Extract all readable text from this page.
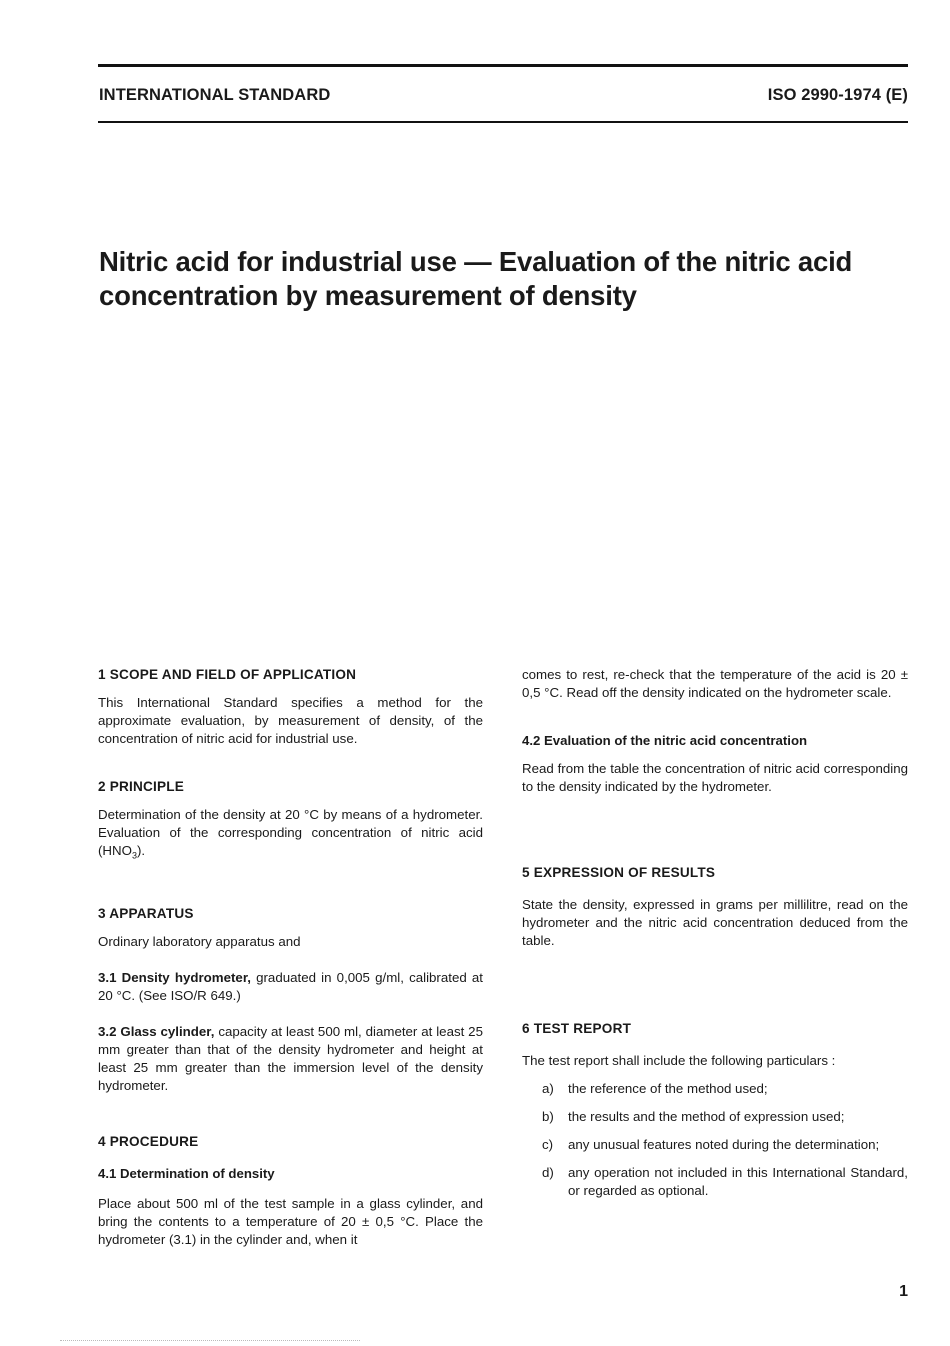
INTERNATIONAL STANDARD	ISO 2990-1974 (E)
Nitric acid for industrial use — Evaluation of the nitric acid
concentration by measurement of density
1 SCOPE AND FIELD OF APPLICATION

This International Standard specifies a method for the approximate evaluation, by measurement of density, of the concentration of nitric acid for industrial use.

2 PRINCIPLE

Determination of the density at 20 °C by means of a hydrometer. Evaluation of the corresponding concentration of nitric acid $(HNO_3)$.

3 APPARATUS

Ordinary laboratory apparatus and

3.1 Density hydrometer, graduated in 0,005 g/ml, calibrated at 20 °C. (See ISO/R 649.)

3.2 Glass cylinder, capacity at least 500 ml, diameter at least 25 mm greater than that of the density hydrometer and height at least 25 mm greater than the immersion level of the density hydrometer.

4 PROCEDURE
4.1 Determination of density

Place about 500 ml of the test sample in a glass cylinder, and bring the contents to a temperature of 20 ± 0,5 °C. Place the hydrometer (3.1) in the cylinder and, when it

comes to rest, re-check that the temperature of the acid is 20 ± 0,5 °C. Read off the density indicated on the hydrometer scale.

4.2 Evaluation of the nitric acid concentration

Read from the table the concentration of nitric acid corresponding to the density indicated by the hydrometer.

5 EXPRESSION OF RESULTS

State the density, expressed in grams per millilitre, read on the hydrometer and the nitric acid concentration deduced from the table.

6 TEST REPORT

The test report shall include the following particulars :

a)	the reference of the method used;
b)	the results and the method of expression used;
c)	any unusual features noted during the determination;
d)	any operation not included in this International Standard, or regarded as optional.
1
